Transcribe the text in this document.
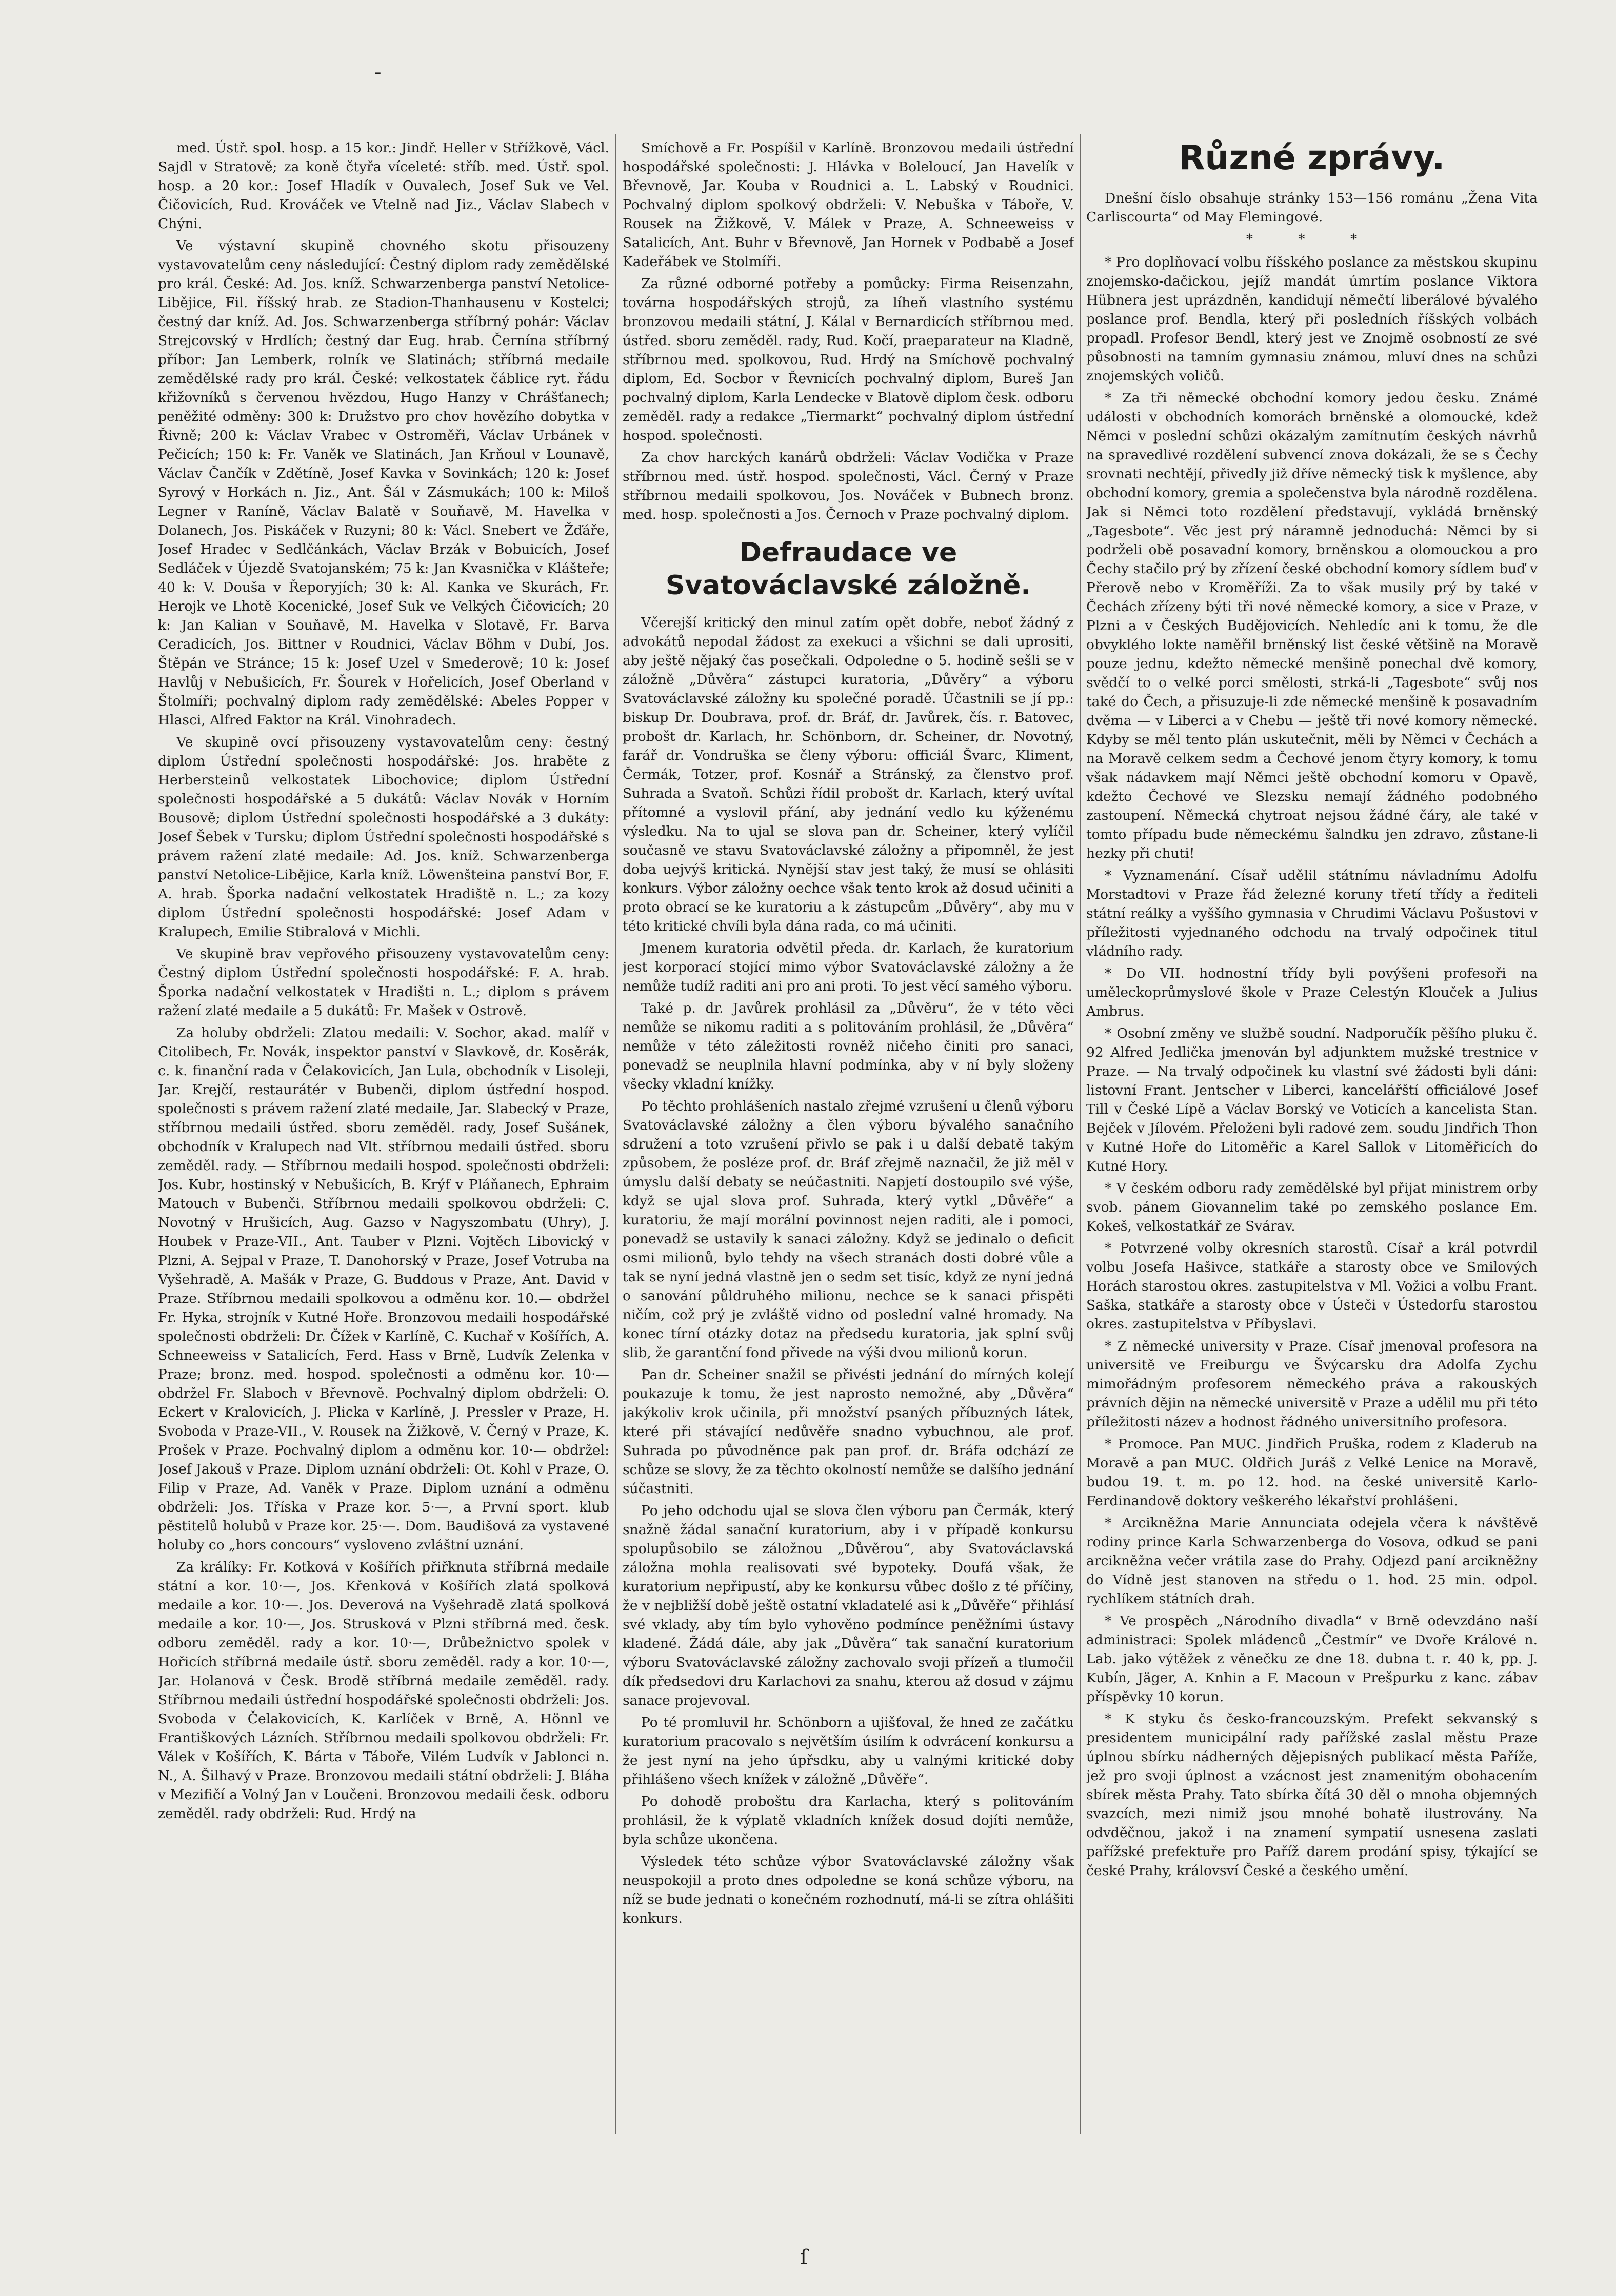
-

med. Ústř. spol. hosp. a 15 kor.: Jindř. Heller v Střížkově, Václ. Sajdl v Stratově; za koně čtyřa víceleté: stříb. med. Ústř. spol. hosp. a 20 kor.: Josef Hladík v Ouvalech, Josef Suk ve Vel. Čičovicích, Rud. Krováček ve Vtelně nad Jiz., Václav Slabech v Chýni.

Ve výstavní skupině chovného skotu přisouzeny vystavovatelům ceny následující: Čestný diplom rady zemědělské pro král. České: Ad. Jos. kníž. Schwarzenberga panství Netolice-Libějice, Fil. říšský hrab. ze Stadion-Thanhausenu v Kostelci; čestný dar kníž. Ad. Jos. Schwarzenberga stříbrný pohár: Václav Strejcovský v Hrdlích; čestný dar Eug. hrab. Černína stříbrný příbor: Jan Lemberk, rolník ve Slatinách; stříbrná medaile zemědělské rady pro král. České: velkostatek čáblice ryt. řádu křižovníků s červenou hvězdou, Hugo Hanzy v Chrášťanech; peněžité odměny: 300 k: Družstvo pro chov hovězího dobytka v Řivně; 200 k: Václav Vrabec v Ostroměři, Václav Urbánek v Pečicích; 150 k: Fr. Vaněk ve Slatinách, Jan Krňoul v Lounavě, Václav Čančík v Zdětíně, Josef Kavka v Sovinkách; 120 k: Josef Syrový v Horkách n. Jiz., Ant. Šál v Zásmukách; 100 k: Miloš Legner v Raníně, Václav Balatě v Souňavě, M. Havelka v Dolanech, Jos. Piskáček v Ruzyni; 80 k: Václ. Snebert ve Žďáře, Josef Hradec v Sedlčánkách, Václav Brzák v Bobuicích, Josef Sedláček v Újezdě Svatojanském; 75 k: Jan Kvasnička v Klášteře; 40 k: V. Douša v Řeporyjích; 30 k: Al. Kanka ve Skurách, Fr. Herojk ve Lhotě Kocenické, Josef Suk ve Velkých Čičovicích; 20 k: Jan Kalian v Souňavě, M. Havelka v Slotavě, Fr. Barva Ceradicích, Jos. Bittner v Roudnici, Václav Böhm v Dubí, Jos. Štěpán ve Stránce; 15 k: Josef Uzel v Smederově; 10 k: Josef Havlůj v Nebušicích, Fr. Šourek v Hořelicích, Josef Oberland v Štolmíři; pochvalný diplom rady zemědělské: Abeles Popper v Hlasci, Alfred Faktor na Král. Vinohradech.

Ve skupině ovcí přisouzeny vystavovatelům ceny: čestný diplom Ústřední společnosti hospodářské: Jos. hraběte z Herbersteinů velkostatek Libochovice; diplom Ústřední společnosti hospodářské a 5 dukátů: Václav Novák v Horním Bousově; diplom Ústřední společnosti hospodářské a 3 dukáty: Josef Šebek v Tursku; diplom Ústřední společnosti hospodářské s právem ražení zlaté medaile: Ad. Jos. kníž. Schwarzenberga panství Netolice-Libějice, Karla kníž. Löwenšteina panství Bor, F. A. hrab. Šporka nadační velkostatek Hradiště n. L.; za kozy diplom Ústřední společnosti hospodářské: Josef Adam v Kralupech, Emilie Stibralová v Michli.

Ve skupině brav vepřového přisouzeny vystavovatelům ceny: Čestný diplom Ústřední společnosti hospodářské: F. A. hrab. Šporka nadační velkostatek v Hradišti n. L.; diplom s právem ražení zlaté medaile a 5 dukátů: Fr. Mašek v Ostrově.

Za holuby obdrželi: Zlatou medaili: V. Sochor, akad. malíř v Citolibech, Fr. Novák, inspektor panství v Slavkově, dr. Kosěrák, c. k. finanční rada v Čelakovicích, Jan Lula, obchodník v Lisoleji, Jar. Krejčí, restaurátér v Bubenči, diplom ústřední hospod. společnosti s právem ražení zlaté medaile, Jar. Slabecký v Praze, stříbrnou medaili ústřed. sboru zeměděl. rady, Josef Sušánek, obchodník v Kralupech nad Vlt. stříbrnou medaili ústřed. sboru zeměděl. rady. — Stříbrnou medaili hospod. společnosti obdrželi: Jos. Kubr, hostinský v Nebušicích, B. Krýf v Pláňanech, Ephraim Matouch v Bubenči. Stříbrnou medaili spolkovou obdrželi: C. Novotný v Hrušicích, Aug. Gazso v Nagyszombatu (Uhry), J. Houbek v Praze-VII., Ant. Tauber v Plzni. Vojtěch Libovický v Plzni, A. Sejpal v Praze, T. Danohorský v Praze, Josef Votruba na Vyšehradě, A. Mašák v Praze, G. Buddous v Praze, Ant. David v Praze. Stříbrnou medaili spolkovou a odměnu kor. 10.— obdržel Fr. Hyka, strojník v Kutné Hoře. Bronzovou medaili hospodářské společnosti obdrželi: Dr. Čížek v Karlíně, C. Kuchař v Košířích, A. Schneeweiss v Satalicích, Ferd. Hass v Brně, Ludvík Zelenka v Praze; bronz. med. hospod. společnosti a odměnu kor. 10·— obdržel Fr. Slaboch v Břevnově. Pochvalný diplom obdrželi: O. Eckert v Kralovicích, J. Plicka v Karlíně, J. Pressler v Praze, H. Svoboda v Praze-VII., V. Rousek na Žižkově, V. Černý v Praze, K. Prošek v Praze. Pochvalný diplom a odměnu kor. 10·— obdržel: Josef Jakouš v Praze. Diplom uznání obdrželi: Ot. Kohl v Praze, O. Filip v Praze, Ad. Vaněk v Praze. Diplom uznání a odměnu obdrželi: Jos. Tříska v Praze kor. 5·—, a První sport. klub pěstitelů holubů v Praze kor. 25·—. Dom. Baudišová za vystavené holuby co „hors concours“ vysloveno zvláštní uznání.

Za králíky: Fr. Kotková v Košířích přiřknuta stříbrná medaile státní a kor. 10·—, Jos. Křenková v Košířích zlatá spolková medaile a kor. 10·—. Jos. Deverová na Vyšehradě zlatá spolková medaile a kor. 10·—, Jos. Strusková v Plzni stříbrná med. česk. odboru zeměděl. rady a kor. 10·—, Drůbežnictvo spolek v Hořicích stříbrná medaile ústř. sboru zeměděl. rady a kor. 10·—, Jar. Holanová v Česk. Brodě stříbrná medaile zeměděl. rady. Stříbrnou medaili ústřední hospodářské společnosti obdrželi: Jos. Svoboda v Čelakovicích, K. Karlíček v Brně, A. Hönnl ve Františkových Lázních. Stříbrnou medaili spolkovou obdrželi: Fr. Válek v Košířích, K. Bárta v Táboře, Vilém Ludvík v Jablonci n. N., A. Šilhavý v Praze. Bronzovou medaili státní obdrželi: J. Bláha v Mezifičí a Volný Jan v Loučeni. Bronzovou medaili česk. odboru zeměděl. rady obdrželi: Rud. Hrdý na

Smíchově a Fr. Pospíšil v Karlíně. Bronzovou medaili ústřední hospodářské společnosti: J. Hlávka v Boleloucí, Jan Havelík v Břevnově, Jar. Kouba v Roudnici a. L. Labský v Roudnici. Pochvalný diplom spolkový obdrželi: V. Nebuška v Táboře, V. Rousek na Žižkově, V. Málek v Praze, A. Schneeweiss v Satalicích, Ant. Buhr v Břevnově, Jan Hornek v Podbabě a Josef Kadeřábek ve Stolmíři.

Za různé odborné potřeby a pomůcky: Firma Reisenzahn, továrna hospodářských strojů, za líheň vlastního systému bronzovou medaili státní, J. Kálal v Bernardicích stříbrnou med. ústřed. sboru zeměděl. rady, Rud. Kočí, praeparateur na Kladně, stříbrnou med. spolkovou, Rud. Hrdý na Smíchově pochvalný diplom, Ed. Socbor v Řevnicích pochvalný diplom, Bureš Jan pochvalný diplom, Karla Lendecke v Blatově diplom česk. odboru zeměděl. rady a redakce „Tiermarkt“ pochvalný diplom ústřední hospod. společnosti.

Za chov harckých kanárů obdrželi: Václav Vodička v Praze stříbrnou med. ústř. hospod. společnosti, Václ. Černý v Praze stříbrnou medaili spolkovou, Jos. Nováček v Bubnech bronz. med. hosp. společnosti a Jos. Černoch v Praze pochvalný diplom.

Defraudace ve Svatováclavské záložně.

Včerejší kritický den minul zatím opět dobře, neboť žádný z advokátů nepodal žádost za exekuci a všichni se dali uprositi, aby ještě nějaký čas posečkali. Odpoledne o 5. hodině sešli se v záložně „Důvěra“ zástupci kuratoria, „Důvěry“ a výboru Svatováclavské záložny ku společné poradě. Účastnili se jí pp.: biskup Dr. Doubrava, prof. dr. Bráf, dr. Javůrek, čís. r. Batovec, probošt dr. Karlach, hr. Schönborn, dr. Scheiner, dr. Novotný, farář dr. Vondruška se členy výboru: officiál Švarc, Kliment, Čermák, Totzer, prof. Kosnář a Stránský, za členstvo prof. Suhrada a Svatoň. Schůzi řídil probošt dr. Karlach, který uvítal přítomné a vyslovil přání, aby jednání vedlo ku kýženému výsledku. Na to ujal se slova pan dr. Scheiner, který vylíčil současně ve stavu Svatováclavské záložny a připomněl, že jest doba uejvýš kritická. Nynější stav jest taký, že musí se ohlásiti konkurs. Výbor záložny oechce však tento krok až dosud učiniti a proto obrací se ke kuratoriu a k zástupcům „Důvěry“, aby mu v této kritické chvíli byla dána rada, co má učiniti.

Jmenem kuratoria odvětil předa. dr. Karlach, že kuratorium jest korporací stojící mimo výbor Svatováclavské záložny a že nemůže tudíž raditi ani pro ani proti. To jest věcí samého výboru.

Také p. dr. Javůrek prohlásil za „Důvěru“, že v této věci nemůže se nikomu raditi a s politováním prohlásil, že „Důvěra“ nemůže v této záležitosti rovněž ničeho činiti pro sanaci, ponevadž se neuplnila hlavní podmínka, aby v ní byly složeny všecky vkladní knížky.

Po těchto prohlášeních nastalo zřejmé vzrušení u členů výboru Svatováclavské záložny a člen výboru bývalého sanačního sdružení a toto vzrušení přivlo se pak i u další debatě takým způsobem, že posléze prof. dr. Bráf zřejmě naznačil, že již měl v úmyslu další debaty se neúčastniti. Napjetí dostoupilo své výše, když se ujal slova prof. Suhrada, který vytkl „Důvěře“ a kuratoriu, že mají morální povinnost nejen raditi, ale i pomoci, ponevadž se ustavily k sanaci záložny. Když se jedinalo o deficit osmi milionů, bylo tehdy na všech stranách dosti dobré vůle a tak se nyní jedná vlastně jen o sedm set tisíc, když ze nyní jedná o sanování půldruhého milionu, nechce se k sanaci přispěti ničím, což prý je zvláště vidno od poslední valné hromady. Na konec tírní otázky dotaz na předsedu kuratoria, jak splní svůj slib, že garantční fond přivede na výši dvou milionů korun.

Pan dr. Scheiner snažil se přivésti jednání do mírných kolejí poukazuje k tomu, že jest naprosto nemožné, aby „Důvěra“ jakýkoliv krok učinila, při množství psaných příbuzných látek, které při stávající nedůvěře snadno vybuchnou, ale prof. Suhrada po původněnce pak pan prof. dr. Bráfa odchází ze schůze se slovy, že za těchto okolností nemůže se dalšího jednání súčastniti.

Po jeho odchodu ujal se slova člen výboru pan Čermák, který snažně žádal sanační kuratorium, aby i v případě konkursu spolupůsobilo se záložnou „Důvěrou“, aby Svatováclavská záložna mohla realisovati své bypoteky. Doufá však, že kuratorium nepřipustí, aby ke konkursu vůbec došlo z té příčiny, že v nejbližší době ještě ostatní vkladatelé asi k „Důvěře“ přihlásí své vklady, aby tím bylo vyhověno podmínce peněžními ústavy kladené. Žádá dále, aby jak „Důvěra“ tak sanační kuratorium výboru Svatováclavské záložny zachovalo svoji přízeň a tlumočil dík předsedovi dru Karlachovi za snahu, kterou až dosud v zájmu sanace projevoval.

Po té promluvil hr. Schönborn a ujišťoval, že hned ze začátku kuratorium pracovalo s největším úsilím k odvrácení konkursu a že jest nyní na jeho úpřsdku, aby u valnými kritické doby přihlášeno všech knížek v záložně „Důvěře“.

Po dohodě proboštu dra Karlacha, který s politováním prohlásil, že k výplatě vkladních knížek dosud dojíti nemůže, byla schůze ukončena.

Výsledek této schůze výbor Svatováclavské záložny však neuspokojil a proto dnes odpoledne se koná schůze výboru, na níž se bude jednati o konečném rozhodnutí, má-li se zítra ohlášiti konkurs.

Různé zprávy.

Dnešní číslo obsahuje stránky 153—156 románu „Žena Vita Carliscourta“ od May Flemingové.

* * *

* Pro doplňovací volbu říšského poslance za městskou skupinu znojemsko-dačickou, jejíž mandát úmrtím poslance Viktora Hübnera jest uprázdněn, kandidují němečtí liberálové bývalého poslance prof. Bendla, který při posledních říšských volbách propadl. Profesor Bendl, který jest ve Znojmě osobností ze své působnosti na tamním gymnasiu známou, mluví dnes na schůzi znojemských voličů.

* Za tři německé obchodní komory jedou česku. Známé události v obchodních komorách brněnské a olomoucké, kdež Němci v poslední schůzi okázalým zamítnutím českých návrhů na spravedlivé rozdělení subvencí znova dokázali, že se s Čechy srovnati nechtějí, přivedly již dříve německý tisk k myšlence, aby obchodní komory, gremia a společenstva byla národně rozdělena. Jak si Němci toto rozdělení představují, vykládá brněnský „Tagesbote“. Věc jest prý náramně jednoduchá: Němci by si podrželi obě posavadní komory, brněnskou a olomouckou a pro Čechy stačilo prý by zřízení české obchodní komory sídlem buď v Přerově nebo v Kroměříži. Za to však musily prý by také v Čechách zřízeny býti tři nové německé komory, a sice v Praze, v Plzni a v Českých Budějovicích. Nehledíc ani k tomu, že dle obvyklého lokte naměřil brněnský list české většině na Moravě pouze jednu, kdežto německé menšině ponechal dvě komory, svědčí to o velké porci smělosti, strká-li „Tagesbote“ svůj nos také do Čech, a přisuzuje-li zde německé menšině k posavadním dvěma — v Liberci a v Chebu — ještě tři nové komory německé. Kdyby se měl tento plán uskutečnit, měli by Němci v Čechách a na Moravě celkem sedm a Čechové jenom čtyry komory, k tomu však nádavkem mají Němci ještě obchodní komoru v Opavě, kdežto Čechové ve Slezsku nemají žádného podobného zastoupení. Německá chytroat nejsou žádné čáry, ale také v tomto případu bude německému šalndku jen zdravo, zůstane-li hezky při chuti!

* Vyznamenání. Císař udělil státnímu návladnímu Adolfu Morstadtovi v Praze řád železné koruny třetí třídy a řediteli státní reálky a vyššího gymnasia v Chrudimi Václavu Pošustovi v příležitosti vyjednaného odchodu na trvalý odpočinek titul vládního rady.

* Do VII. hodnostní třídy byli povýšeni profesoři na uměleckoprůmyslové škole v Praze Celestýn Klouček a Julius Ambrus.

* Osobní změny ve službě soudní. Nadporučík pěšího pluku č. 92 Alfred Jedlička jmenován byl adjunktem mužské trestnice v Praze. — Na trvalý odpočinek ku vlastní své žádosti byli dáni: listovní Frant. Jentscher v Liberci, kancelářští officiálové Josef Till v České Lípě a Václav Borský ve Voticích a kancelista Stan. Bejček v Jílovém. Přeloženi byli radové zem. soudu Jindřich Thon v Kutné Hoře do Litoměřic a Karel Sallok v Litoměřicích do Kutné Hory.

* V českém odboru rady zemědělské byl přijat ministrem orby svob. pánem Giovannelim také po zemského poslance Em. Kokeš, velkostatkář ze Svárav.

* Potvrzené volby okresních starostů. Císař a král potvrdil volbu Josefa Hašivce, statkáře a starosty obce ve Smilových Horách starostou okres. zastupitelstva v Ml. Vožici a volbu Frant. Saška, statkáře a starosty obce v Ústeči v Ústedorfu starostou okres. zastupitelstva v Příbyslavi.

* Z německé university v Praze. Císař jmenoval profesora na universitě ve Freiburgu ve Švýcarsku dra Adolfa Zychu mimořádným profesorem německého práva a rakouských právních dějin na německé universitě v Praze a udělil mu při této příležitosti název a hodnost řádného universitního profesora.

* Promoce. Pan MUC. Jindřich Pruška, rodem z Kladerub na Moravě a pan MUC. Oldřich Juráš z Velké Lenice na Moravě, budou 19. t. m. po 12. hod. na české universitě Karlo-Ferdinandově doktory veškerého lékařství prohlášeni.

* Arcikněžna Marie Annunciata odejela včera k návštěvě rodiny prince Karla Schwarzenberga do Vosova, odkud se pani arcikněžna večer vrátila zase do Prahy. Odjezd paní arcikněžny do Vídně jest stanoven na středu o 1. hod. 25 min. odpol. rychlíkem státních drah.

* Ve prospěch „Národního divadla“ v Brně odevzdáno naší administraci: Spolek mládenců „Čestmír“ ve Dvoře Králové n. Lab. jako výtěžek z věnečku ze dne 18. dubna t. r. 40 k, pp. J. Kubín, Jäger, A. Knhin a F. Macoun v Prešpurku z kanc. zábav příspěvky 10 korun.

* K styku čs česko-francouzským. Prefekt sekvanský s presidentem municipální rady pařížské zaslal městu Praze úplnou sbírku nádherných dějepisných publikací města Paříže, jež pro svoji úplnost a vzácnost jest znamenitým obohacením sbírek města Prahy. Tato sbírka čítá 30 děl o mnoha objemných svazcích, mezi nimiž jsou mnohé bohatě ilustrovány. Na odvděčnou, jakož i na znamení sympatií usnesena zaslati pařížské prefektuře pro Paříž darem prodání spisy, týkající se české Prahy, královsví České a českého umění.

ſ
